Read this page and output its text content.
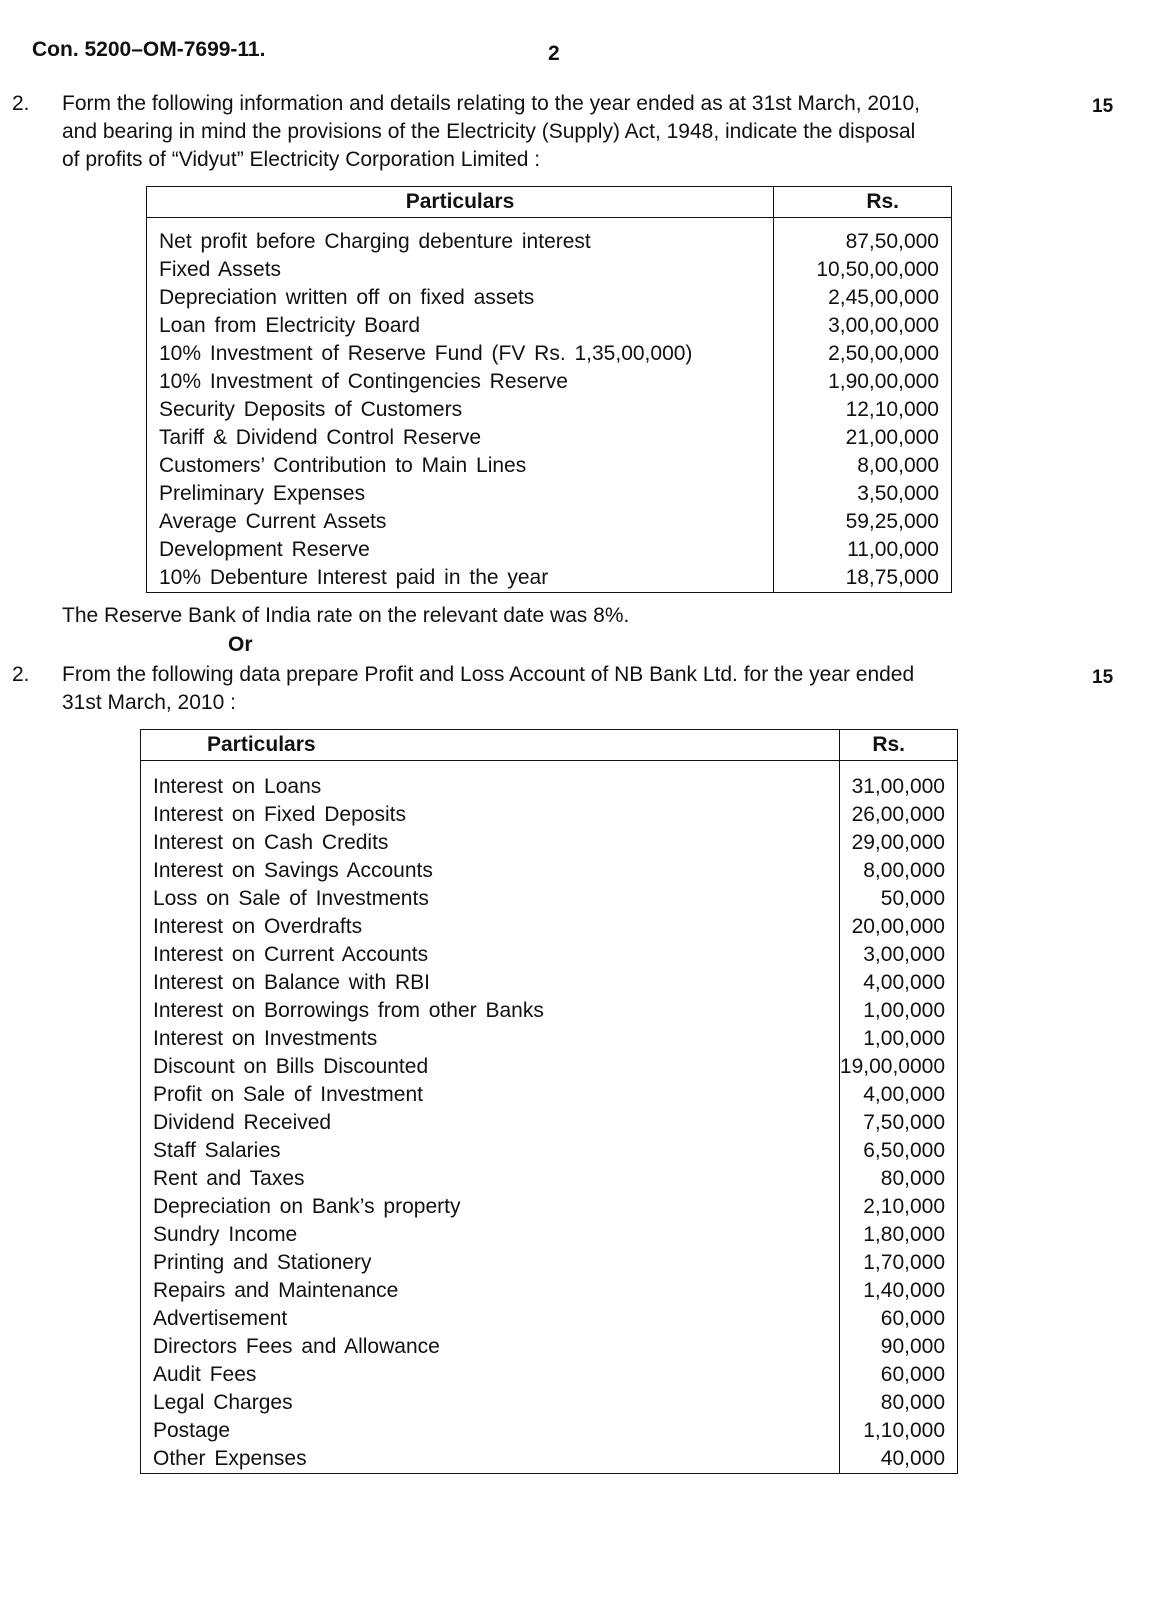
Con. 5200–OM-7699-11.	2
2.	15
Form the following information and details relating to the year ended as at 31st March, 2010,
and bearing in mind the provisions of the Electricity (Supply) Act, 1948, indicate the disposal
of profits of “Vidyut” Electricity Corporation Limited :
Particulars	Rs.
Net profit before Charging debenture interest	87,50,000
Fixed Assets	10,50,00,000
Depreciation written off on fixed assets	2,45,00,000
Loan from Electricity Board	3,00,00,000
10% Investment of Reserve Fund (FV Rs. 1,35,00,000)	2,50,00,000
10% Investment of Contingencies Reserve	1,90,00,000
Security Deposits of Customers	12,10,000
Tariff & Dividend Control Reserve	21,00,000
Customers’ Contribution to Main Lines	8,00,000
Preliminary Expenses	3,50,000
Average Current Assets	59,25,000
Development Reserve	11,00,000
10% Debenture Interest paid in the year	18,75,000
The Reserve Bank of India rate on the relevant date was 8%.
Or
2.	15
From the following data prepare Profit and Loss Account of NB Bank Ltd. for the year ended
31st March, 2010 :
Particulars	Rs.
Interest on Loans	31,00,000
Interest on Fixed Deposits	26,00,000
Interest on Cash Credits	29,00,000
Interest on Savings Accounts	8,00,000
Loss on Sale of Investments	50,000
Interest on Overdrafts	20,00,000
Interest on Current Accounts	3,00,000
Interest on Balance with RBI	4,00,000
Interest on Borrowings from other Banks	1,00,000
Interest on Investments	1,00,000
Discount on Bills Discounted	19,00,0000
Profit on Sale of Investment	4,00,000
Dividend Received	7,50,000
Staff Salaries	6,50,000
Rent and Taxes	80,000
Depreciation on Bank’s property	2,10,000
Sundry Income	1,80,000
Printing and Stationery	1,70,000
Repairs and Maintenance	1,40,000
Advertisement	60,000
Directors Fees and Allowance	90,000
Audit Fees	60,000
Legal Charges	80,000
Postage	1,10,000
Other Expenses	40,000
